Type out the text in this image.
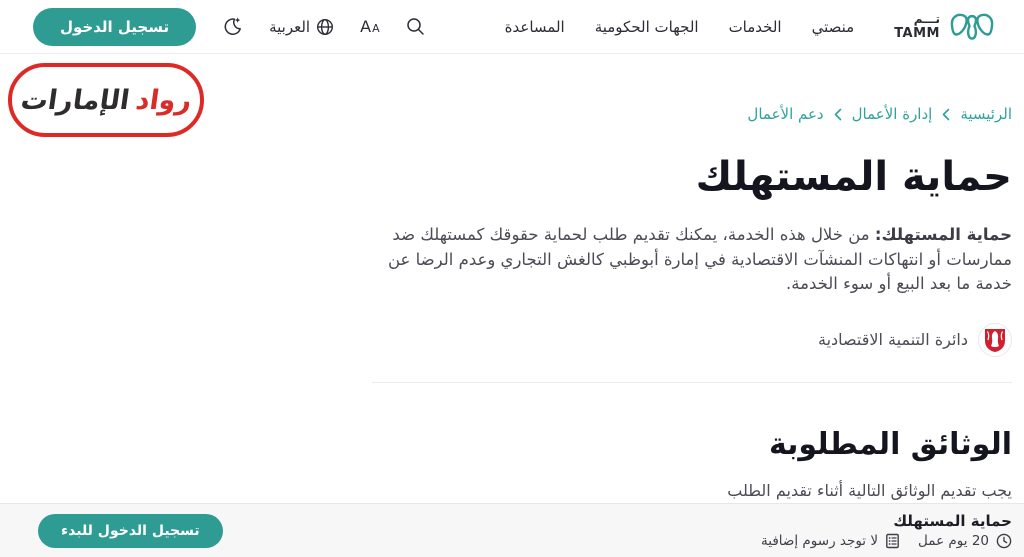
تـــم
TAMM
منصتي
الخدمات
الجهات الحكومية
المساعدة
A
A
العربية
تسجيل الدخول
رواد
الإمارات	الرئيسية
إدارة الأعمال
دعم الأعمال
حماية المستهلك

حماية المستهلك: من خلال هذه الخدمة، يمكنك تقديم طلب لحماية حقوقك كمستهلك ضد ممارسات أو انتهاكات المنشآت الاقتصادية في إمارة أبوظبي كالغش التجاري وعدم الرضا عن خدمة ما بعد البيع أو سوء الخدمة.

دائرة التنمية الاقتصادية
الوثائق المطلوبة

يجب تقديم الوثائق التالية أثناء تقديم الطلب

حماية المستهلك
20 يوم عمل
لا توجد رسوم إضافية
تسجيل الدخول للبدء
